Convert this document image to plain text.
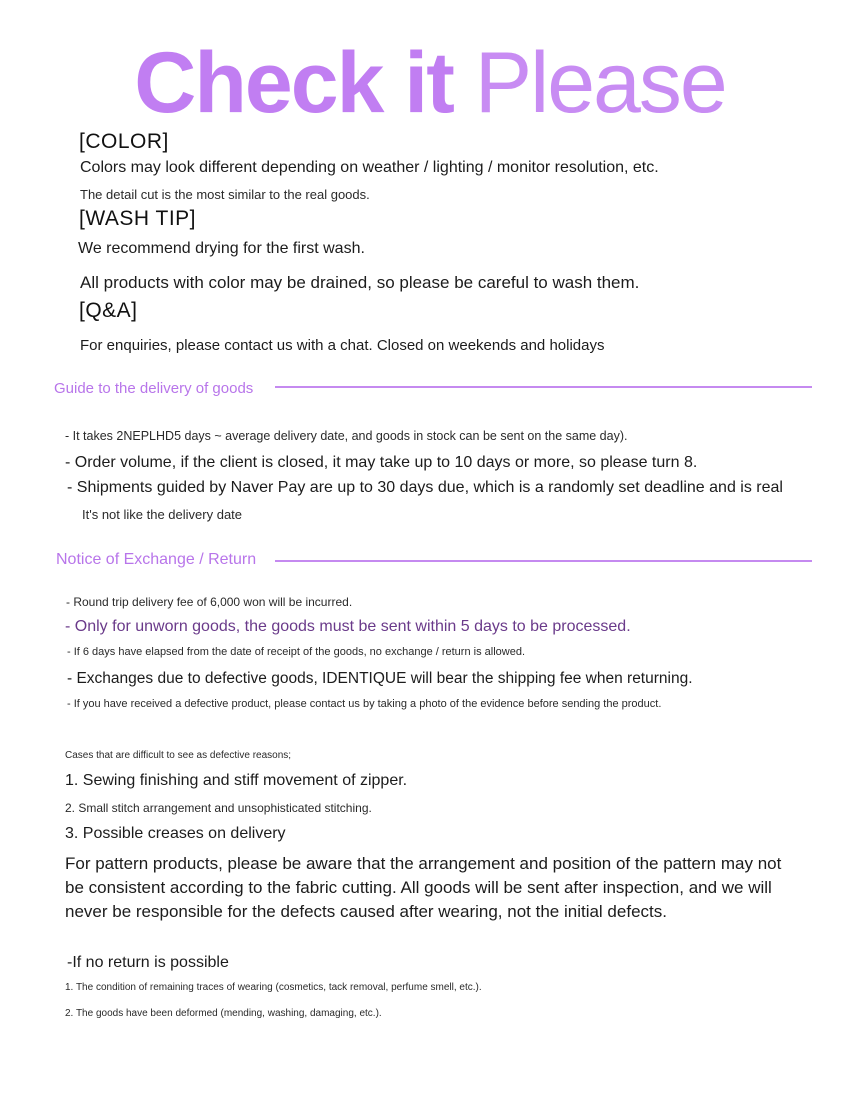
Check it Please
[COLOR]
Colors may look different depending on weather / lighting / monitor resolution, etc.
The detail cut is the most similar to the real goods.
[WASH TIP]
We recommend drying for the first wash.
All products with color may be drained, so please be careful to wash them.
[Q&A]
For enquiries, please contact us with a chat. Closed on weekends and holidays
Guide to the delivery of goods
- It takes 2NEPLHD5 days ~ average delivery date, and goods in stock can be sent on the same day).
- Order volume, if the client is closed, it may take up to 10 days or more, so please turn 8.
- Shipments guided by Naver Pay are up to 30 days due, which is a randomly set deadline and is real
It's not like the delivery date
Notice of Exchange / Return
- Round trip delivery fee of 6,000 won will be incurred.
- Only for unworn goods, the goods must be sent within 5 days to be processed.
- If 6 days have elapsed from the date of receipt of the goods, no exchange / return is allowed.
- Exchanges due to defective goods, IDENTIQUE will bear the shipping fee when returning.
- If you have received a defective product, please contact us by taking a photo of the evidence before sending the product.
Cases that are difficult to see as defective reasons;
1. Sewing finishing and stiff movement of zipper.
2. Small stitch arrangement and unsophisticated stitching.
3. Possible creases on delivery
For pattern products, please be aware that the arrangement and position of the pattern may not be consistent according to the fabric cutting. All goods will be sent after inspection, and we will never be responsible for the defects caused after wearing, not the initial defects.
-If no return is possible
1. The condition of remaining traces of wearing (cosmetics, tack removal, perfume smell, etc.).
2. The goods have been deformed (mending, washing, damaging, etc.).
